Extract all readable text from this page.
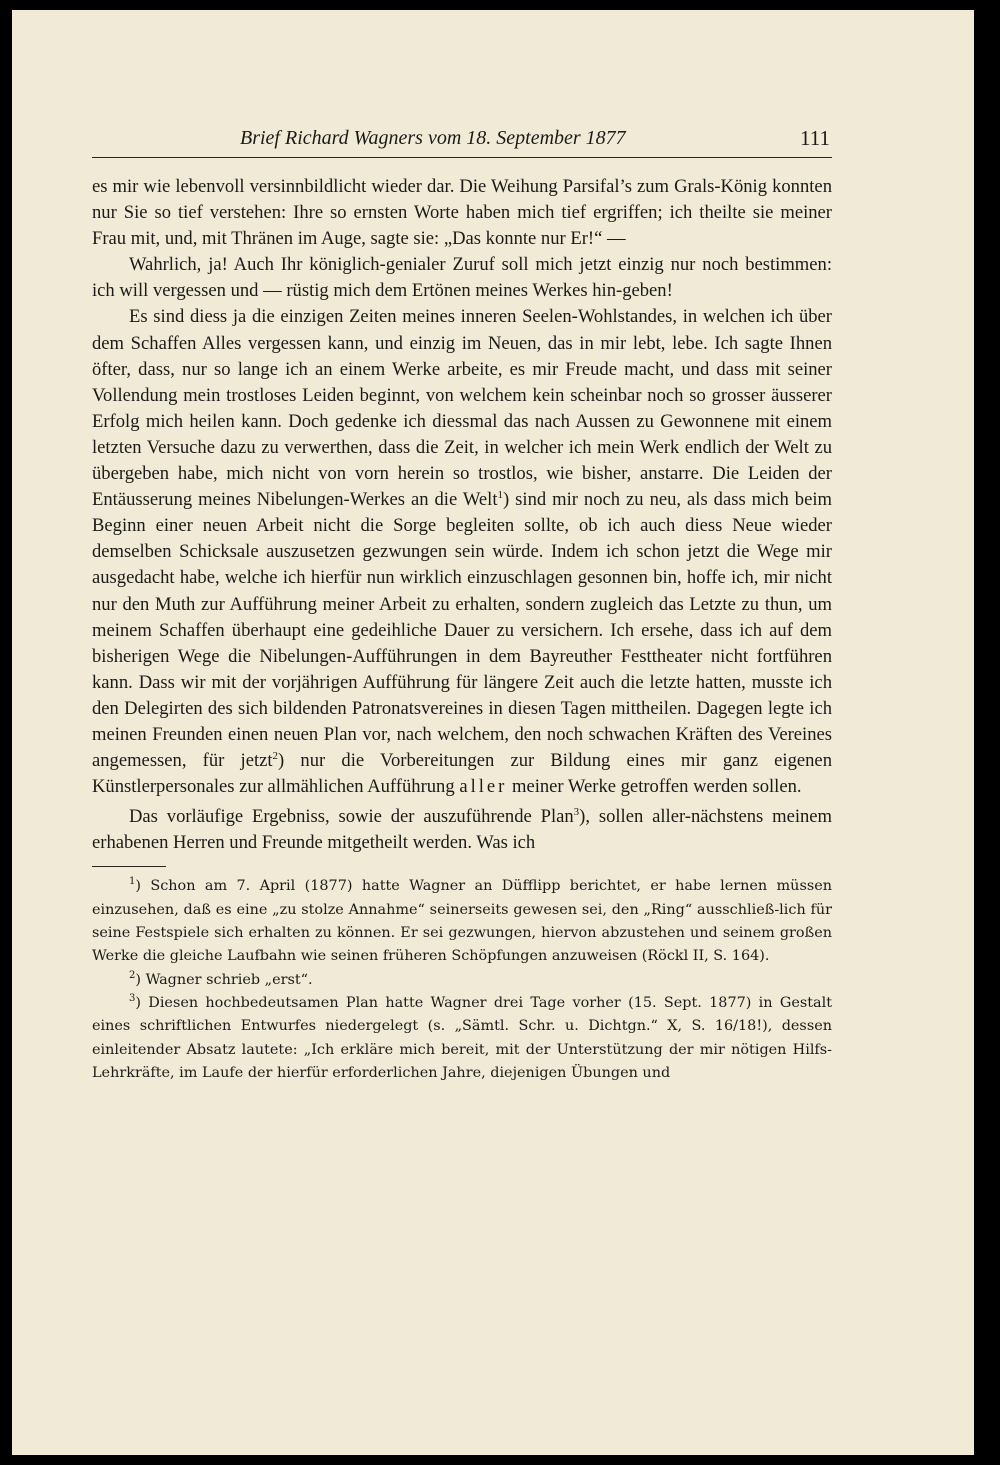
Brief Richard Wagners vom 18. September 1877	111

es mir wie lebenvoll versinnbildlicht wieder dar. Die Weihung Parsifal’s zum Grals-König konnten nur Sie so tief verstehen: Ihre so ernsten Worte haben mich tief ergriffen; ich theilte sie meiner Frau mit, und, mit Thränen im Auge, sagte sie: „Das konnte nur Er!“ —

Wahrlich, ja! Auch Ihr königlich-genialer Zuruf soll mich jetzt einzig nur noch bestimmen: ich will vergessen und — rüstig mich dem Ertönen meines Werkes hin-geben!

Es sind diess ja die einzigen Zeiten meines inneren Seelen-Wohlstandes, in welchen ich über dem Schaffen Alles vergessen kann, und einzig im Neuen, das in mir lebt, lebe. Ich sagte Ihnen öfter, dass, nur so lange ich an einem Werke arbeite, es mir Freude macht, und dass mit seiner Vollendung mein trostloses Leiden beginnt, von welchem kein scheinbar noch so grosser äusserer Erfolg mich heilen kann. Doch gedenke ich diessmal das nach Aussen zu Gewonnene mit einem letzten Versuche dazu zu verwerthen, dass die Zeit, in welcher ich mein Werk endlich der Welt zu übergeben habe, mich nicht von vorn herein so trostlos, wie bisher, anstarre. Die Leiden der Entäusserung meines Nibelungen-Werkes an die Welt$^1$) sind mir noch zu neu, als dass mich beim Beginn einer neuen Arbeit nicht die Sorge begleiten sollte, ob ich auch diess Neue wieder demselben Schicksale auszusetzen gezwungen sein würde. Indem ich schon jetzt die Wege mir ausgedacht habe, welche ich hierfür nun wirklich einzuschlagen gesonnen bin, hoffe ich, mir nicht nur den Muth zur Aufführung meiner Arbeit zu erhalten, sondern zugleich das Letzte zu thun, um meinem Schaffen überhaupt eine gedeihliche Dauer zu versichern. Ich ersehe, dass ich auf dem bisherigen Wege die Nibelungen-Aufführungen in dem Bayreuther Festtheater nicht fortführen kann. Dass wir mit der vorjährigen Aufführung für längere Zeit auch die letzte hatten, musste ich den Delegirten des sich bildenden Patronatsvereines in diesen Tagen mittheilen. Dagegen legte ich meinen Freunden einen neuen Plan vor, nach welchem, den noch schwachen Kräften des Vereines angemessen, für jetzt$^2$) nur die Vorbereitungen zur Bildung eines mir ganz eigenen Künstlerpersonales zur allmählichen Aufführung aller meiner Werke getroffen werden sollen.

Das vorläufige Ergebniss, sowie der auszuführende Plan$^3$), sollen aller-nächstens meinem erhabenen Herren und Freunde mitgetheilt werden. Was ich

$^1$) Schon am 7. April (1877) hatte Wagner an Düfflipp berichtet, er habe lernen müssen einzusehen, daß es eine „zu stolze Annahme“ seinerseits gewesen sei, den „Ring“ ausschließ-lich für seine Festspiele sich erhalten zu können. Er sei gezwungen, hiervon abzustehen und seinem großen Werke die gleiche Laufbahn wie seinen früheren Schöpfungen anzuweisen (Röckl II, S. 164).

$^2$) Wagner schrieb „erst“.

$^3$) Diesen hochbedeutsamen Plan hatte Wagner drei Tage vorher (15. Sept. 1877) in Gestalt eines schriftlichen Entwurfes niedergelegt (s. „Sämtl. Schr. u. Dichtgn.“ X, S. 16/18!), dessen einleitender Absatz lautete: „Ich erkläre mich bereit, mit der Unterstützung der mir nötigen Hilfs-Lehrkräfte, im Laufe der hierfür erforderlichen Jahre, diejenigen Übungen und
